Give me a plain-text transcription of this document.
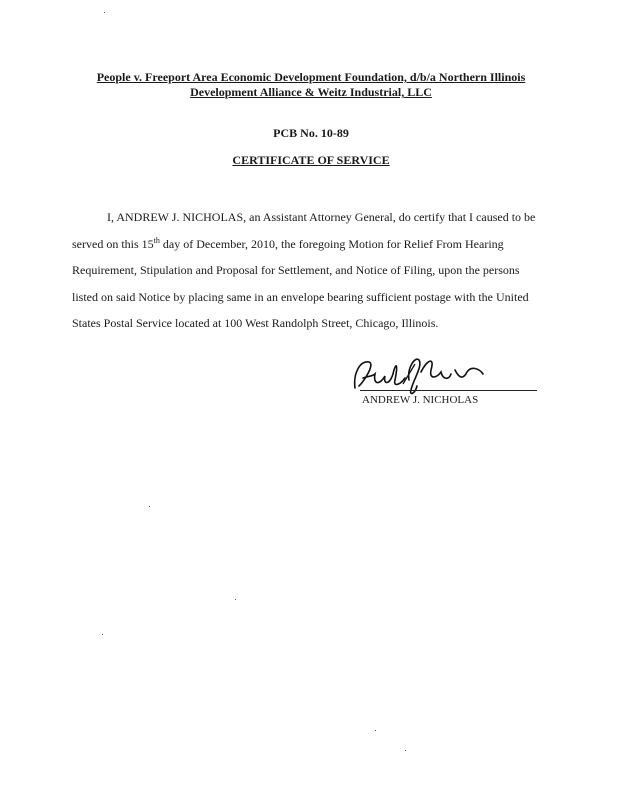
People v. Freeport Area Economic Development Foundation, d/b/a Northern Illinois
Development Alliance & Weitz Industrial, LLC
PCB No. 10-89
CERTIFICATE OF SERVICE
I, ANDREW J. NICHOLAS, an Assistant Attorney General, do certify that I caused to be
served on this 15th day of December, 2010, the foregoing Motion for Relief From Hearing
Requirement, Stipulation and Proposal for Settlement, and Notice of Filing, upon the persons
listed on said Notice by placing same in an envelope bearing sufficient postage with the United
States Postal Service located at 100 West Randolph Street, Chicago, Illinois.
ANDREW J. NICHOLAS
